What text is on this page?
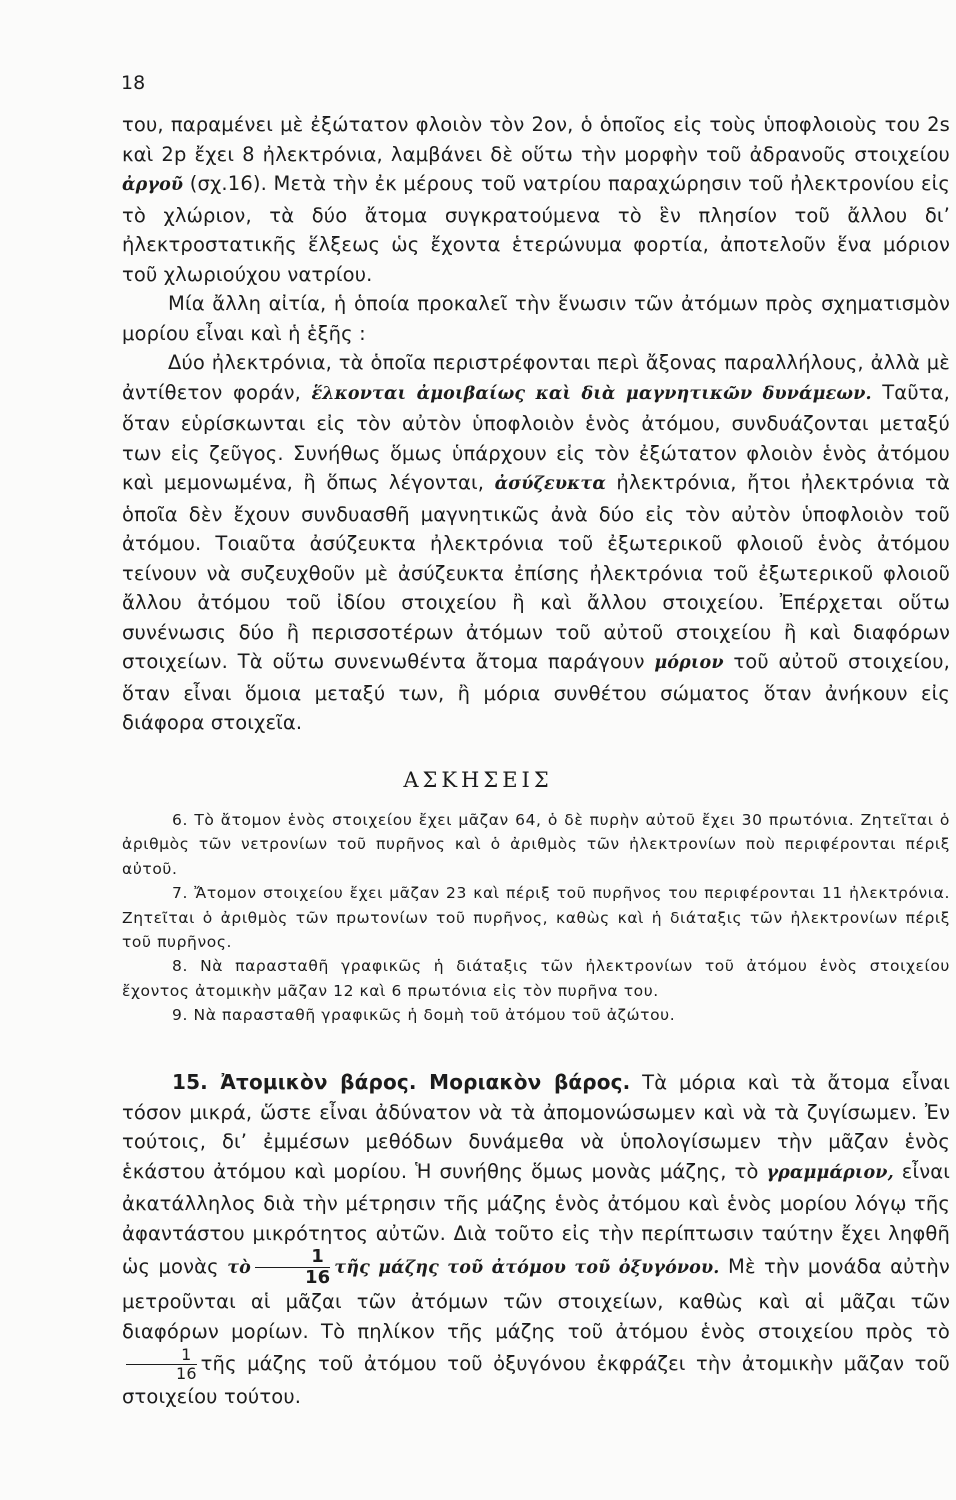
18

του, παραμένει μὲ ἐξώτατον φλοιὸν τὸν 2ον, ὁ ὁποῖος εἰς τοὺς ὑποφλοιοὺς του 2s καὶ 2p ἔχει 8 ἠλεκτρόνια, λαμβάνει δὲ οὕτω τὴν μορφὴν τοῦ ἀδρανοῦς στοιχείου ἀργοῦ (σχ.16). Μετὰ τὴν ἐκ μέρους τοῦ νατρίου παραχώρησιν τοῦ ἠλεκτρονίου εἰς τὸ χλώριον, τὰ δύο ἄτομα συγκρατούμενα τὸ ἓν πλησίον τοῦ ἄλλου δι’ ἠλεκτροστατικῆς ἕλξεως ὡς ἔχοντα ἑτερώνυμα φορτία, ἀποτελοῦν ἕνα μόριον τοῦ χλωριούχου νατρίου.

Μία ἄλλη αἰτία, ἡ ὁποία προκαλεῖ τὴν ἕνωσιν τῶν ἀτόμων πρὸς σχηματισμὸν μορίου εἶναι καὶ ἡ ἑξῆς :

Δύο ἠλεκτρόνια, τὰ ὁποῖα περιστρέφονται περὶ ἄξονας παραλλήλους, ἀλλὰ μὲ ἀντίθετον φοράν, ἕλκονται ἀμοιβαίως καὶ διὰ μαγνητικῶν δυνάμεων. Ταῦτα, ὅταν εὑρίσκωνται εἰς τὸν αὐτὸν ὑποφλοιὸν ἑνὸς ἀτόμου, συνδυάζονται μεταξύ των εἰς ζεῦγος. Συνήθως ὅμως ὑπάρχουν εἰς τὸν ἐξώτατον φλοιὸν ἑνὸς ἀτόμου καὶ μεμονωμένα, ἢ ὅπως λέγονται, ἀσύζευκτα ἠλεκτρόνια, ἤτοι ἠλεκτρόνια τὰ ὁποῖα δὲν ἔχουν συνδυασθῆ μαγνητικῶς ἀνὰ δύο εἰς τὸν αὐτὸν ὑποφλοιὸν τοῦ ἀτόμου. Τοιαῦτα ἀσύζευκτα ἠλεκτρόνια τοῦ ἐξωτερικοῦ φλοιοῦ ἑνὸς ἀτόμου τείνουν νὰ συζευχθοῦν μὲ ἀσύζευκτα ἐπίσης ἠλεκτρόνια τοῦ ἐξωτερικοῦ φλοιοῦ ἄλλου ἀτόμου τοῦ ἰδίου στοιχείου ἢ καὶ ἄλλου στοιχείου. Ἐπέρχεται οὕτω συνένωσις δύο ἢ περισσοτέρων ἀτόμων τοῦ αὐτοῦ στοιχείου ἢ καὶ διαφόρων στοιχείων. Τὰ οὕτω συνενωθέντα ἄτομα παράγουν μόριον τοῦ αὐτοῦ στοιχείου, ὅταν εἶναι ὅμοια μεταξύ των, ἢ μόρια συνθέτου σώματος ὅταν ἀνήκουν εἰς διάφορα στοιχεῖα.

ΑΣΚΗΣΕΙΣ

6. Τὸ ἄτομον ἑνὸς στοιχείου ἔχει μᾶζαν 64, ὁ δὲ πυρὴν αὐτοῦ ἔχει 30 πρωτόνια. Ζητεῖται ὁ ἀριθμὸς τῶν νετρονίων τοῦ πυρῆνος καὶ ὁ ἀριθμὸς τῶν ἠλεκτρονίων ποὺ περιφέρονται πέριξ αὐτοῦ.

7. Ἄτομον στοιχείου ἔχει μᾶζαν 23 καὶ πέριξ τοῦ πυρῆνος του περιφέρονται 11 ἠλεκτρόνια. Ζητεῖται ὁ ἀριθμὸς τῶν πρωτονίων τοῦ πυρῆνος, καθὼς καὶ ἡ διάταξις τῶν ἠλεκτρονίων πέριξ τοῦ πυρῆνος.

8. Νὰ παρασταθῆ γραφικῶς ἡ διάταξις τῶν ἠλεκτρονίων τοῦ ἀτόμου ἑνὸς στοιχείου ἔχοντος ἀτομικὴν μᾶζαν 12 καὶ 6 πρωτόνια εἰς τὸν πυρῆνα του.

9. Νὰ παρασταθῆ γραφικῶς ἡ δομὴ τοῦ ἀτόμου τοῦ ἀζώτου.

15. Ἀτομικὸν βάρος. Μοριακὸν βάρος. Τὰ μόρια καὶ τὰ ἄτομα εἶναι τόσον μικρά, ὥστε εἶναι ἀδύνατον νὰ τὰ ἀπομονώσωμεν καὶ νὰ τὰ ζυγίσωμεν. Ἐν τούτοις, δι’ ἐμμέσων μεθόδων δυνάμεθα νὰ ὑπολογίσωμεν τὴν μᾶζαν ἑνὸς ἑκάστου ἀτόμου καὶ μορίου. Ἡ συνήθης ὅμως μονὰς μάζης, τὸ γραμμάριον, εἶναι ἀκατάλληλος διὰ τὴν μέτρησιν τῆς μάζης ἑνὸς ἀτόμου καὶ ἑνὸς μορίου λόγῳ τῆς ἀφαντάστου μικρότητος αὐτῶν. Διὰ τοῦτο εἰς τὴν περίπτωσιν ταύτην ἔχει ληφθῆ ὡς μονὰς τὸ $\frac{1}{16}$ τῆς μάζης τοῦ ἀτόμου τοῦ ὀξυγόνου. Μὲ τὴν μονάδα αὐτὴν μετροῦνται αἱ μᾶζαι τῶν ἀτόμων τῶν στοιχείων, καθὼς καὶ αἱ μᾶζαι τῶν διαφόρων μορίων. Τὸ πηλίκον τῆς μάζης τοῦ ἀτόμου ἑνὸς στοιχείου πρὸς τὸ
$\frac{1}{16}$ τῆς μάζης τοῦ ἀτόμου τοῦ ὀξυγόνου ἐκφράζει τὴν ἀτομικὴν μᾶζαν τοῦ στοιχείου τούτου.
